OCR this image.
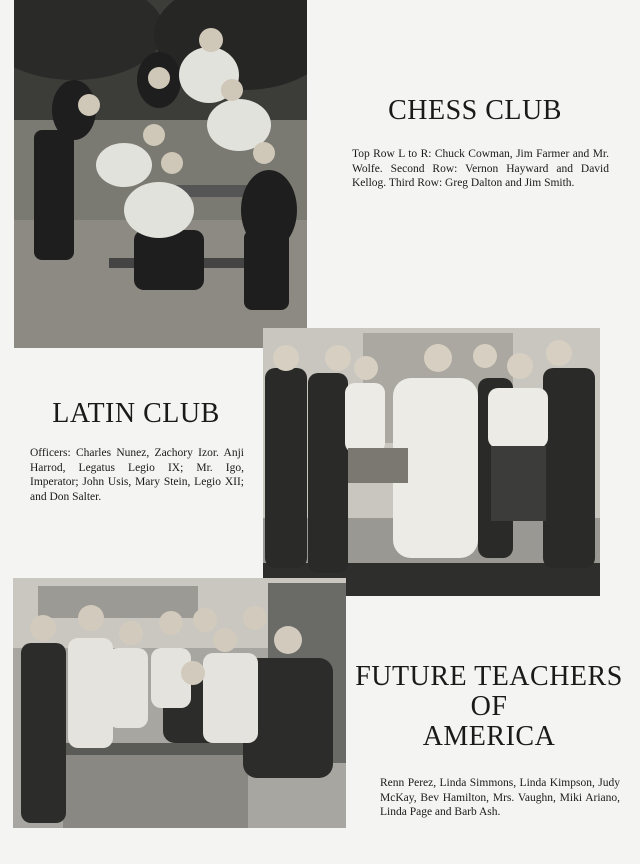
CHESS CLUB

Top Row L to R: Chuck Cowman, Jim Farmer and Mr. Wolfe. Second Row: Vernon Hayward and David Kellog. Third Row: Greg Dalton and Jim Smith.

LATIN CLUB

Officers: Charles Nunez, Zachory Izor. Anji Harrod, Legatus Legio IX; Mr. Igo, Imperator; John Usis, Mary Stein, Legio XII; and Don Salter.

FUTURE TEACHERS
OF
AMERICA

Renn Perez, Linda Simmons, Linda Kimpson, Judy McKay, Bev Hamilton, Mrs. Vaughn, Miki Ariano, Linda Page and Barb Ash.
